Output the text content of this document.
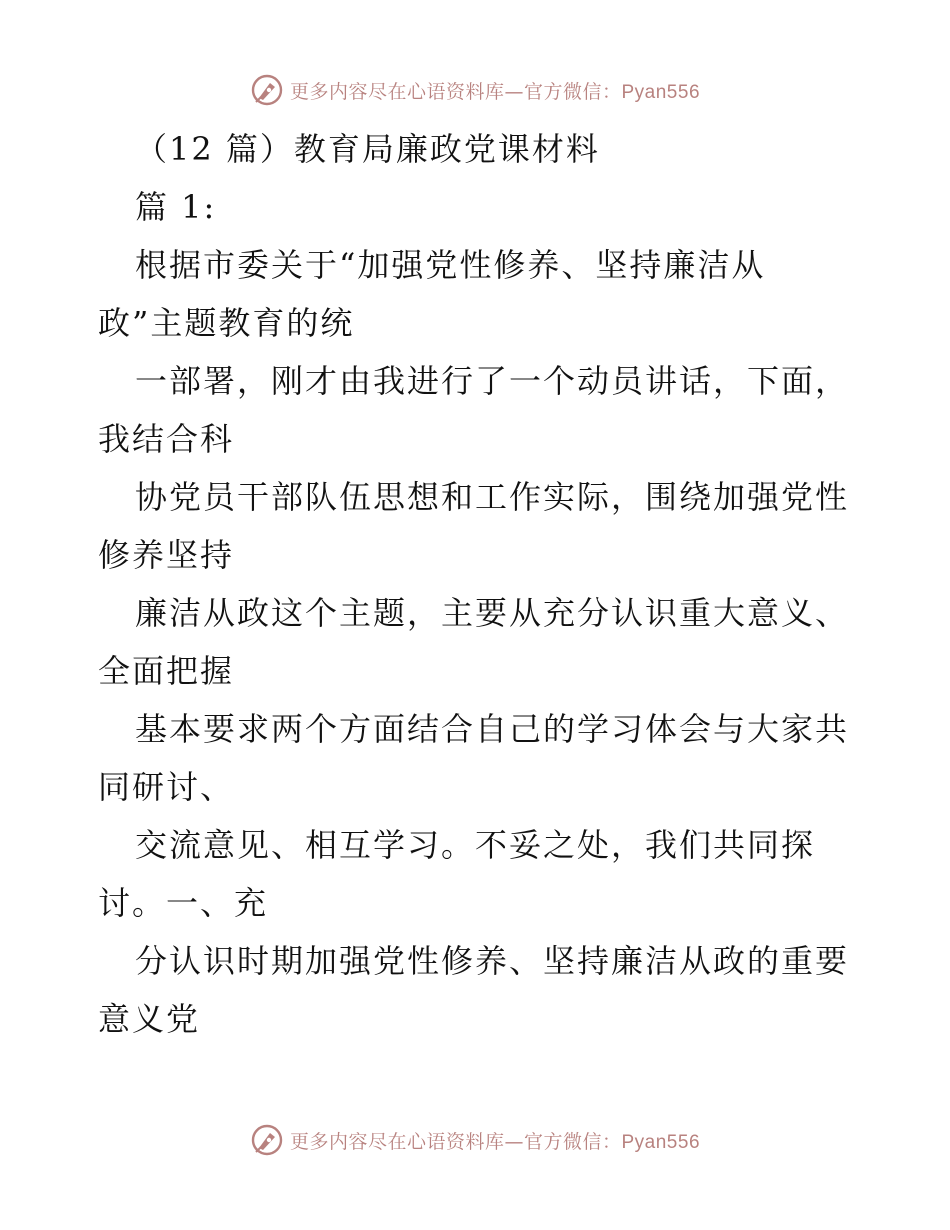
更多内容尽在心语资料库—官方微信：Pyan556
（12 篇）教育局廉政党课材料
篇 1:
根据市委关于“加强党性修养、坚持廉洁从
政”主题教育的统
一部署，刚才由我进行了一个动员讲话，下面，
我结合科
协党员干部队伍思想和工作实际，围绕加强党性
修养坚持
廉洁从政这个主题，主要从充分认识重大意义、
全面把握
基本要求两个方面结合自己的学习体会与大家共
同研讨、
交流意见、相互学习。不妥之处，我们共同探
讨。一、充
分认识时期加强党性修养、坚持廉洁从政的重要
意义党
更多内容尽在心语资料库—官方微信：Pyan556
